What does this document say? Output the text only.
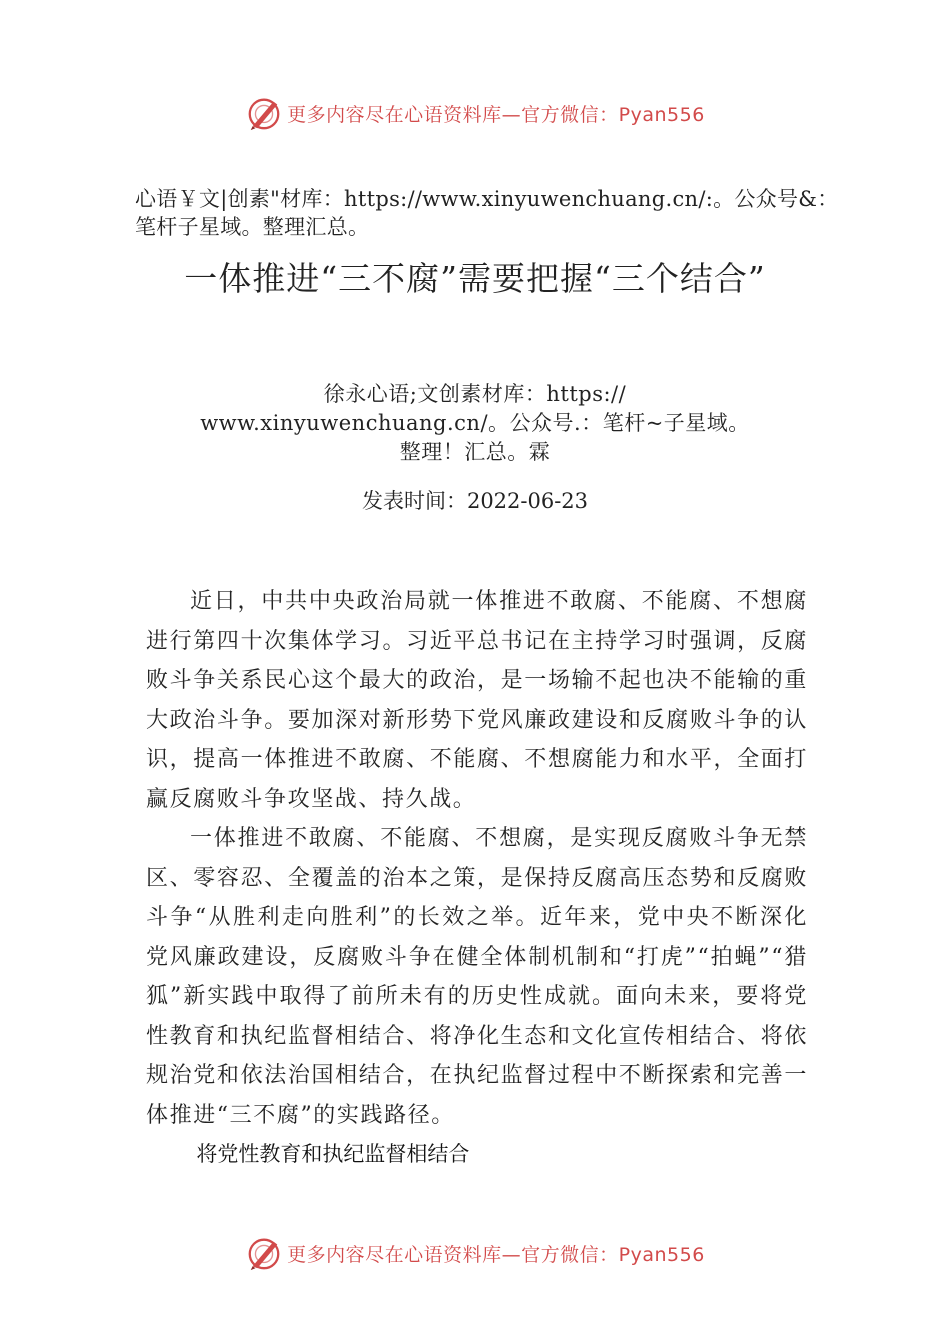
更多内容尽在心语资料库—官方微信：Pyan556
心语￥文|创素"材库：https://www.xinyuwenchuang.cn/:。公众号&：笔杆子星域。整理汇总。
一体推进“三不腐”需要把握“三个结合”
徐永心语;文创素材库：https://
www.xinyuwenchuang.cn/。公众号.：笔杆~子星域。
整理！汇总。霖
发表时间：2022-06-23

近日，中共中央政治局就一体推进不敢腐、不能腐、不想腐进行第四十次集体学习。习近平总书记在主持学习时强调，反腐败斗争关系民心这个最大的政治，是一场输不起也决不能输的重大政治斗争。要加深对新形势下党风廉政建设和反腐败斗争的认识，提高一体推进不敢腐、不能腐、不想腐能力和水平，全面打赢反腐败斗争攻坚战、持久战。

一体推进不敢腐、不能腐、不想腐，是实现反腐败斗争无禁区、零容忍、全覆盖的治本之策，是保持反腐高压态势和反腐败斗争“从胜利走向胜利”的长效之举。近年来，党中央不断深化党风廉政建设，反腐败斗争在健全体制机制和“打虎”“拍蝇”“猎狐”新实践中取得了前所未有的历史性成就。面向未来，要将党性教育和执纪监督相结合、将净化生态和文化宣传相结合、将依规治党和依法治国相结合，在执纪监督过程中不断探索和完善一体推进“三不腐”的实践路径。

将党性教育和执纪监督相结合

更多内容尽在心语资料库—官方微信：Pyan556
